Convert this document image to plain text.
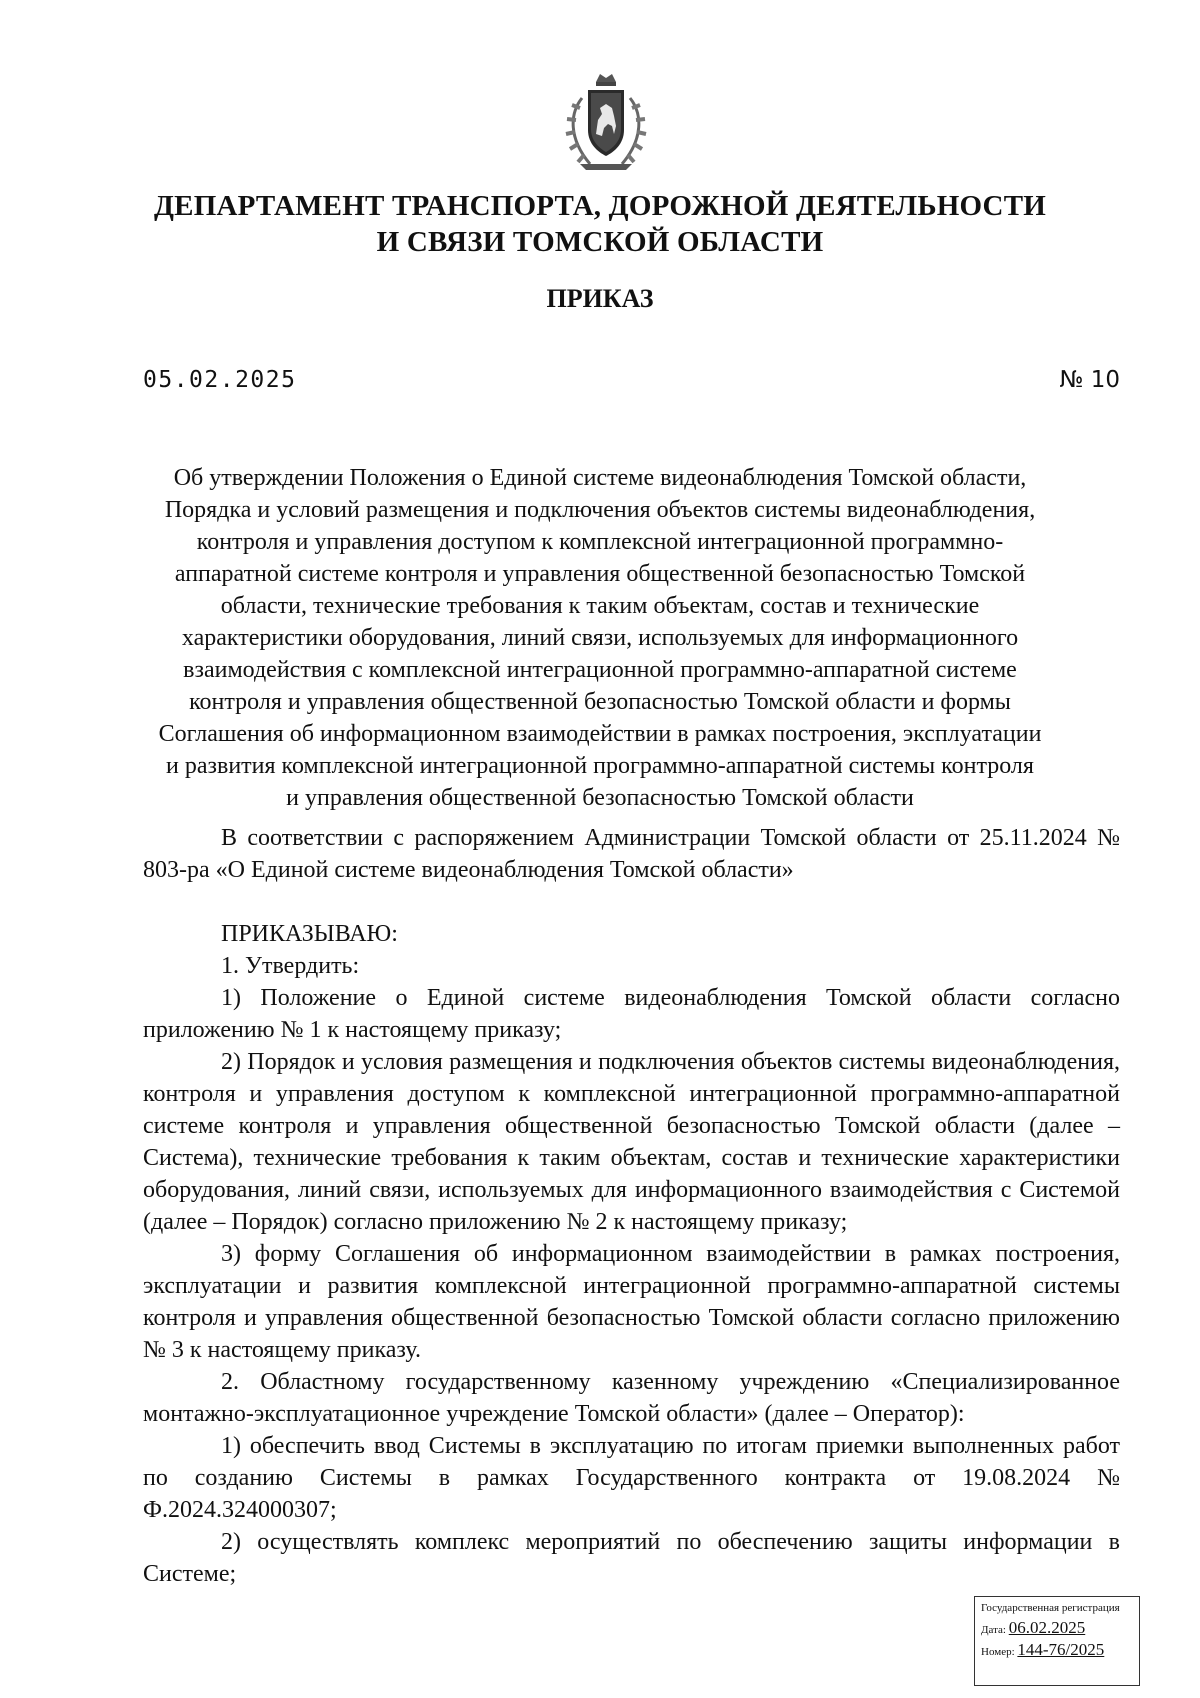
ДЕПАРТАМЕНТ ТРАНСПОРТА, ДОРОЖНОЙ ДЕЯТЕЛЬНОСТИ
И СВЯЗИ ТОМСКОЙ ОБЛАСТИ
ПРИКАЗ
05.02.2025	№ 10
Об утверждении Положения о Единой системе видеонаблюдения Томской области,
Порядка и условий размещения и подключения объектов системы видеонаблюдения,
контроля и управления доступом к комплексной интеграционной программно-
аппаратной системе контроля и управления общественной безопасностью Томской
области, технические требования к таким объектам, состав и технические
характеристики оборудования, линий связи, используемых для информационного
взаимодействия с комплексной интеграционной программно-аппаратной системе
контроля и управления общественной безопасностью Томской области и формы
Соглашения об информационном взаимодействии в рамках построения, эксплуатации
и развития комплексной интеграционной программно-аппаратной системы контроля
и управления общественной безопасностью Томской области

В соответствии с распоряжением Администрации Томской области от 25.11.2024 № 803-ра «О Единой системе видеонаблюдения Томской области»

ПРИКАЗЫВАЮ:

1. Утвердить:

1) Положение о Единой системе видеонаблюдения Томской области согласно приложению № 1 к настоящему приказу;

2) Порядок и условия размещения и подключения объектов системы видеонаблюдения, контроля и управления доступом к комплексной интеграционной программно-аппаратной системе контроля и управления общественной безопасностью Томской области (далее – Система), технические требования к таким объектам, состав и технические характеристики оборудования, линий связи, используемых для информационного взаимодействия с Системой (далее – Порядок) согласно приложению № 2 к настоящему приказу;

3) форму Соглашения об информационном взаимодействии в рамках построения, эксплуатации и развития комплексной интеграционной программно-аппаратной системы контроля и управления общественной безопасностью Томской области согласно приложению № 3 к настоящему приказу.

2. Областному государственному казенному учреждению «Специализированное монтажно-эксплуатационное учреждение Томской области» (далее – Оператор):

1) обеспечить ввод Системы в эксплуатацию по итогам приемки выполненных работ по созданию Системы в рамках Государственного контракта от 19.08.2024 № Ф.2024.324000307;

2) осуществлять комплекс мероприятий по обеспечению защиты информации в Системе;

Государственная регистрация
Дата: 06.02.2025
Номер: 144-76/2025
